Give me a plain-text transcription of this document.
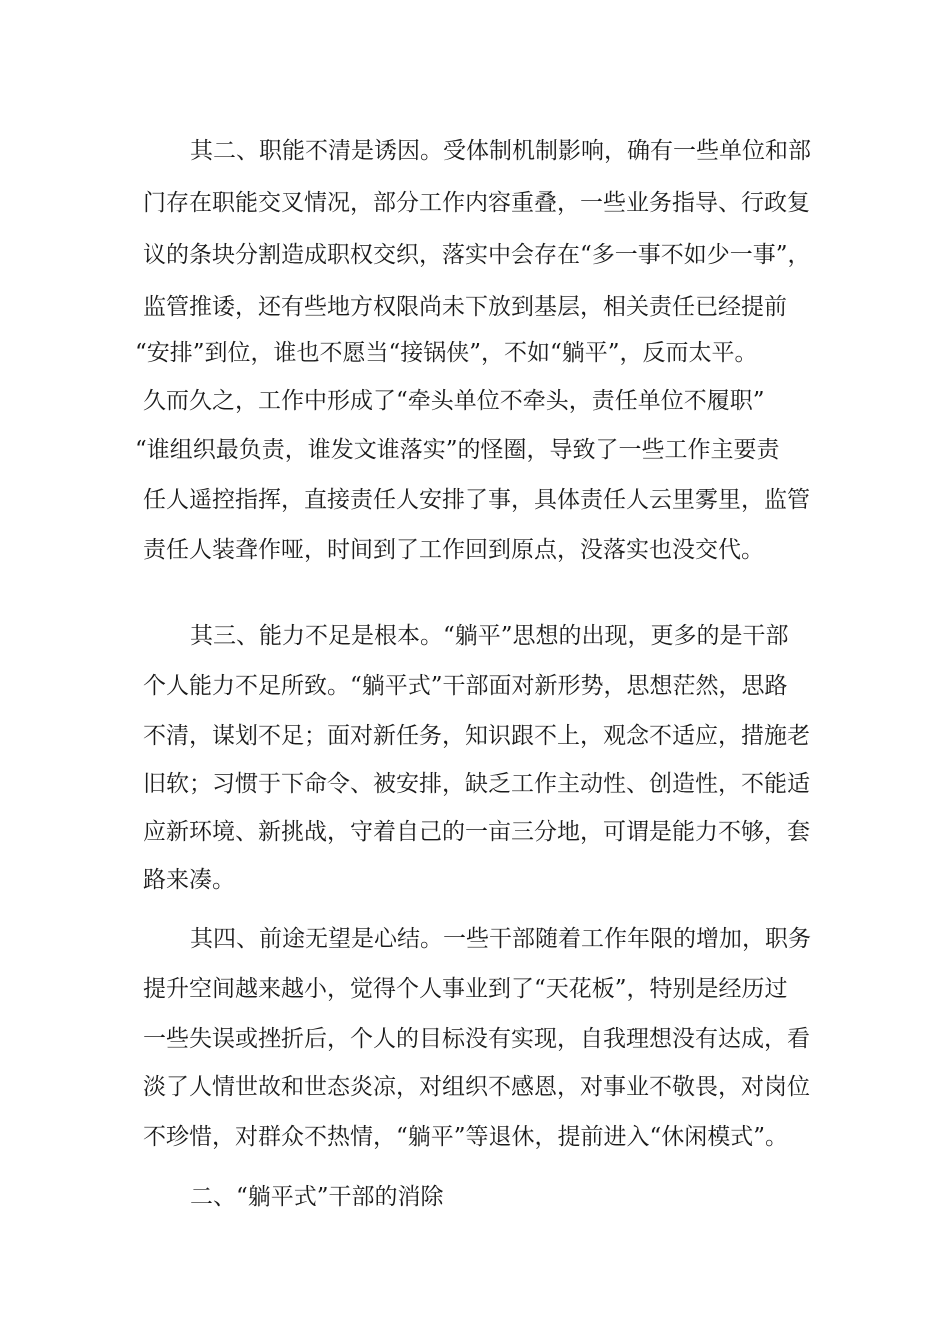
其二、职能不清是诱因。受体制机制影响，确有一些单位和部
门存在职能交叉情况，部分工作内容重叠，一些业务指导、行政复
议的条块分割造成职权交织，落实中会存在“多一事不如少一事”，
监管推诿，还有些地方权限尚未下放到基层，相关责任已经提前
“安排”到位，谁也不愿当“接锅侠”，不如“躺平”，反而太平。
久而久之，工作中形成了“牵头单位不牵头，责任单位不履职”
“谁组织最负责，谁发文谁落实”的怪圈，导致了一些工作主要责
任人遥控指挥，直接责任人安排了事，具体责任人云里雾里，监管
责任人装聋作哑，时间到了工作回到原点，没落实也没交代。
其三、能力不足是根本。“躺平”思想的出现，更多的是干部
个人能力不足所致。“躺平式”干部面对新形势，思想茫然，思路
不清，谋划不足；面对新任务，知识跟不上，观念不适应，措施老
旧软；习惯于下命令、被安排，缺乏工作主动性、创造性，不能适
应新环境、新挑战，守着自己的一亩三分地，可谓是能力不够，套
路来凑。
其四、前途无望是心结。一些干部随着工作年限的增加，职务
提升空间越来越小，觉得个人事业到了“天花板”，特别是经历过
一些失误或挫折后，个人的目标没有实现，自我理想没有达成，看
淡了人情世故和世态炎凉，对组织不感恩，对事业不敬畏，对岗位
不珍惜，对群众不热情，“躺平”等退休，提前进入“休闲模式”。
二、“躺平式”干部的消除
